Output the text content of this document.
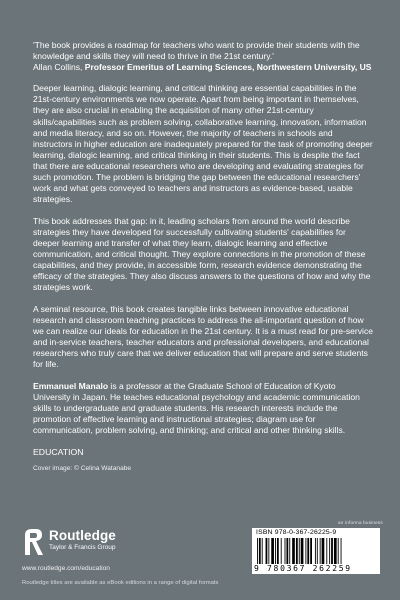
'The book provides a roadmap for teachers who want to provide their students with the knowledge and skills they will need to thrive in the 21st century.'
Allan Collins, Professor Emeritus of Learning Sciences, Northwestern University, US

Deeper learning, dialogic learning, and critical thinking are essential capabilities in the 21st-century environments we now operate. Apart from being important in themselves, they are also crucial in enabling the acquisition of many other 21st-century skills/capabilities such as problem solving, collaborative learning, innovation, information and media literacy, and so on. However, the majority of teachers in schools and instructors in higher education are inadequately prepared for the task of promoting deeper learning, dialogic learning, and critical thinking in their students. This is despite the fact that there are educational researchers who are developing and evaluating strategies for such promotion. The problem is bridging the gap between the educational researchers' work and what gets conveyed to teachers and instructors as evidence-based, usable strategies.

This book addresses that gap: in it, leading scholars from around the world describe strategies they have developed for successfully cultivating students' capabilities for deeper learning and transfer of what they learn, dialogic learning and effective communication, and critical thought. They explore connections in the promotion of these capabilities, and they provide, in accessible form, research evidence demonstrating the efficacy of the strategies. They also discuss answers to the questions of how and why the strategies work.

A seminal resource, this book creates tangible links between innovative educational research and classroom teaching practices to address the all-important question of how we can realize our ideals for education in the 21st century. It is a must read for pre-service and in-service teachers, teacher educators and professional developers, and educational researchers who truly care that we deliver education that will prepare and serve students for life.

Emmanuel Manalo is a professor at the Graduate School of Education of Kyoto University in Japan. He teaches educational psychology and academic communication skills to undergraduate and graduate students. His research interests include the promotion of effective learning and instructional strategies; diagram use for communication, problem solving, and thinking; and critical and other thinking skills.

EDUCATION

Cover image: © Celina Watanabe

an informa business
Routledge
Taylor & Francis Group
www.routledge.com/education
Routledge titles are available as eBook editions in a range of digital formats
ISBN 978-0-367-26225-9
9 780367 262259
